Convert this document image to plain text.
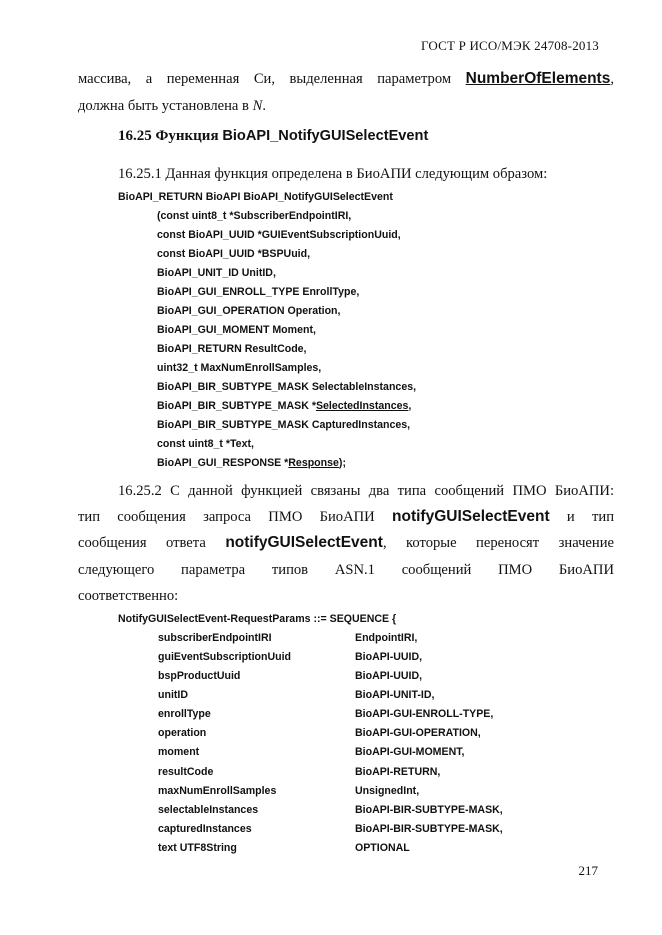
ГОСТ Р ИСО/МЭК 24708-2013
массива, а переменная Cи, выделенная параметром NumberOfElements,
должна быть установлена в N.
16.25 Функция BioAPI_NotifyGUISelectEvent
16.25.1 Данная функция определена в БиоАПИ следующим образом:
BioAPI_RETURN BioAPI BioAPI_NotifyGUISelectEvent
(const uint8_t *SubscriberEndpointIRI,
const BioAPI_UUID *GUIEventSubscriptionUuid,
const BioAPI_UUID *BSPUuid,
BioAPI_UNIT_ID UnitID,
BioAPI_GUI_ENROLL_TYPE EnrollType,
BioAPI_GUI_OPERATION Operation,
BioAPI_GUI_MOMENT Moment,
BioAPI_RETURN ResultCode,
uint32_t MaxNumEnrollSamples,
BioAPI_BIR_SUBTYPE_MASK SelectableInstances,
BioAPI_BIR_SUBTYPE_MASK *SelectedInstances,
BioAPI_BIR_SUBTYPE_MASK CapturedInstances,
const uint8_t *Text,
BioAPI_GUI_RESPONSE *Response);
16.25.2 С данной функцией связаны два типа сообщений ПМО БиоАПИ:
тип сообщения запроса ПМО БиоАПИ notifyGUISelectEvent и тип
сообщения ответа notifyGUISelectEvent, которые переносят значение
следующего параметра типов ASN.1 сообщений ПМО БиоАПИ
соответственно:
NotifyGUISelectEvent-RequestParams ::= SEQUENCE {
subscriberEndpointIRI	EndpointIRI,
guiEventSubscriptionUuid	BioAPI-UUID,
bspProductUuid	BioAPI-UUID,
unitID	BioAPI-UNIT-ID,
enrollType	BioAPI-GUI-ENROLL-TYPE,
operation	BioAPI-GUI-OPERATION,
moment	BioAPI-GUI-MOMENT,
resultCode	BioAPI-RETURN,
maxNumEnrollSamples	UnsignedInt,
selectableInstances	BioAPI-BIR-SUBTYPE-MASK,
capturedInstances	BioAPI-BIR-SUBTYPE-MASK,
text UTF8String	OPTIONAL
217
